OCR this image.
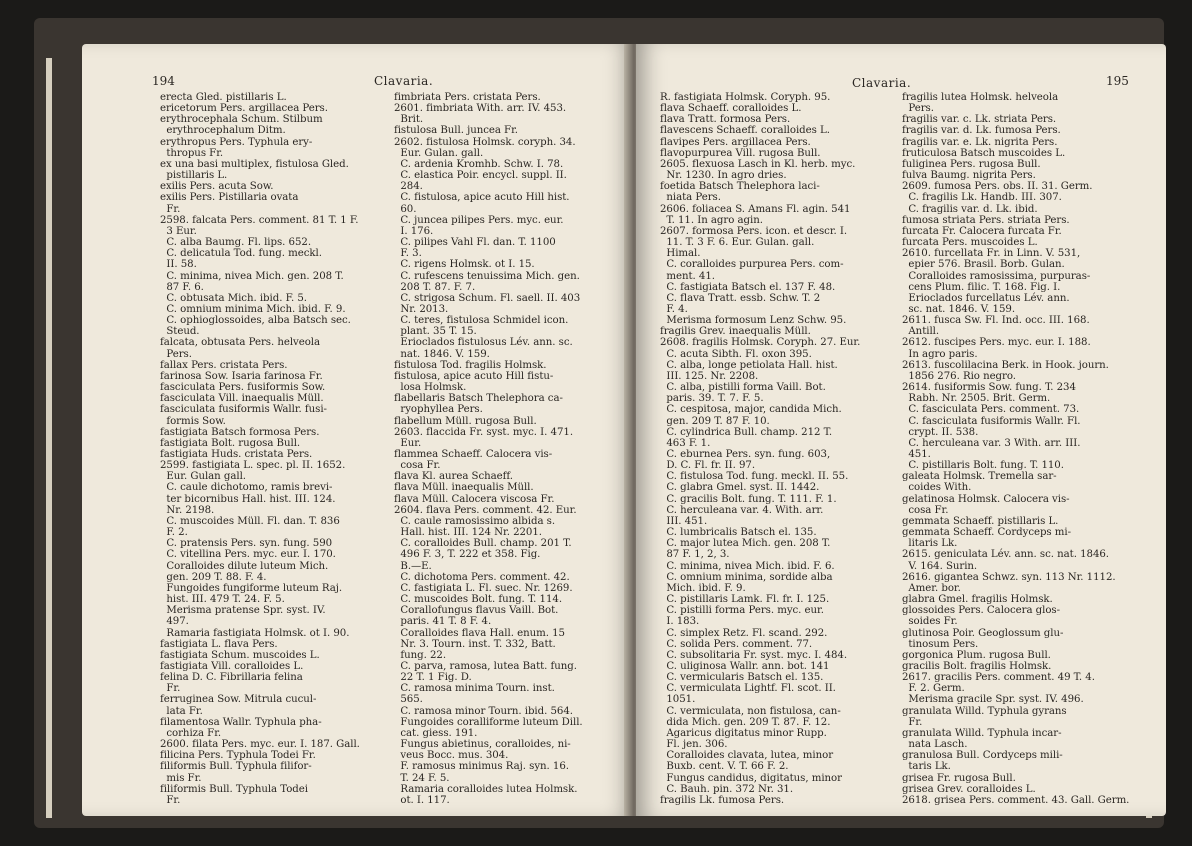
194	Clavaria.
erecta Gled. pistillaris L.
ericetorum Pers. argillacea Pers.
erythrocephala Schum. Stilbum
erythrocephalum Ditm.
erythropus Pers. Typhula ery-
thropus Fr.
ex una basi multiplex, fistulosa Gled.
pistillaris L.
exilis Pers. acuta Sow.
exilis Pers. Pistillaria ovata
Fr.
2598. falcata Pers. comment. 81 T. 1 F.
3 Eur.
C. alba Baumg. Fl. lips. 652.
C. delicatula Tod. fung. meckl.
II. 58.
C. minima, nivea Mich. gen. 208 T.
87 F. 6.
C. obtusata Mich. ibid. F. 5.
C. omnium minima Mich. ibid. F. 9.
C. ophioglossoides, alba Batsch sec.
Steud.
falcata, obtusata Pers. helveola
Pers.
fallax Pers. cristata Pers.
farinosa Sow. Isaria farinosa Fr.
fasciculata Pers. fusiformis Sow.
fasciculata Vill. inaequalis Müll.
fasciculata fusiformis Wallr. fusi-
formis Sow.
fastigiata Batsch formosa Pers.
fastigiata Bolt. rugosa Bull.
fastigiata Huds. cristata Pers.
2599. fastigiata L. spec. pl. II. 1652.
Eur. Gulan gall.
C. caule dichotomo, ramis brevi-
ter bicornibus Hall. hist. III. 124.
Nr. 2198.
C. muscoides Müll. Fl. dan. T. 836
F. 2.
C. pratensis Pers. syn. fung. 590
C. vitellina Pers. myc. eur. I. 170.
Coralloides dilute luteum Mich.
gen. 209 T. 88. F. 4.
Fungoides fungiforme luteum Raj.
hist. III. 479 T. 24. F. 5.
Merisma pratense Spr. syst. IV.
497.
Ramaria fastigiata Holmsk. ot I. 90.
fastigiata L. flava Pers.
fastigiata Schum. muscoides L.
fastigiata Vill. coralloides L.
felina D. C. Fibrillaria felina
Fr.
ferruginea Sow. Mitrula cucul-
lata Fr.
filamentosa Wallr. Typhula pha-
corhiza Fr.
2600. filata Pers. myc. eur. I. 187. Gall.
filicina Pers. Typhula Todei Fr.
filiformis Bull. Typhula filifor-
mis Fr.
filiformis Bull. Typhula Todei
Fr.
fimbriata Pers. cristata Pers.
2601. fimbriata With. arr. IV. 453.
Brit.
fistulosa Bull. juncea Fr.
2602. fistulosa Holmsk. coryph. 34.
Eur. Gulan. gall.
C. ardenia Kromhb. Schw. I. 78.
C. elastica Poir. encycl. suppl. II.
284.
C. fistulosa, apice acuto Hill hist.
60.
C. juncea pilipes Pers. myc. eur.
I. 176.
C. pilipes Vahl Fl. dan. T. 1100
F. 3.
C. rigens Holmsk. ot I. 15.
C. rufescens tenuissima Mich. gen.
208 T. 87. F. 7.
C. strigosa Schum. Fl. saell. II. 403
Nr. 2013.
C. teres, fistulosa Schmidel icon.
plant. 35 T. 15.
Erioclados fistulosus Lév. ann. sc.
nat. 1846. V. 159.
fistulosa Tod. fragilis Holmsk.
fistulosa, apice acuto Hill fistu-
losa Holmsk.
flabellaris Batsch Thelephora ca-
ryophyllea Pers.
flabellum Müll. rugosa Bull.
2603. flaccida Fr. syst. myc. I. 471.
Eur.
flammea Schaeff. Calocera vis-
cosa Fr.
flava Kl. aurea Schaeff.
flava Müll. inaequalis Müll.
flava Müll. Calocera viscosa Fr.
2604. flava Pers. comment. 42. Eur.
C. caule ramosissimo albida s.
Hall. hist. III. 124 Nr. 2201.
C. coralloides Bull. champ. 201 T.
496 F. 3, T. 222 et 358. Fig.
B.—E.
C. dichotoma Pers. comment. 42.
C. fastigiata L. Fl. suec. Nr. 1269.
C. muscoides Bolt. fung. T. 114.
Corallofungus flavus Vaill. Bot.
paris. 41 T. 8 F. 4.
Coralloides flava Hall. enum. 15
Nr. 3. Tourn. inst. T. 332, Batt.
fung. 22.
C. parva, ramosa, lutea Batt. fung.
22 T. 1 Fig. D.
C. ramosa minima Tourn. inst.
565.
C. ramosa minor Tourn. ibid. 564.
Fungoides coralliforme luteum Dill.
cat. giess. 191.
Fungus abietinus, coralloides, ni-
veus Bocc. mus. 304.
F. ramosus minimus Raj. syn. 16.
T. 24 F. 5.
Ramaria coralloides lutea Holmsk.
ot. I. 117.
Clavaria.	195
R. fastigiata Holmsk. Coryph. 95.
flava Schaeff. coralloides L.
flava Tratt. formosa Pers.
flavescens Schaeff. coralloides L.
flavipes Pers. argillacea Pers.
flavopurpurea Vill. rugosa Bull.
2605. flexuosa Lasch in Kl. herb. myc.
Nr. 1230. In agro dries.
foetida Batsch Thelephora laci-
niata Pers.
2606. foliacea S. Amans Fl. agin. 541
T. 11. In agro agin.
2607. formosa Pers. icon. et descr. I.
11. T. 3 F. 6. Eur. Gulan. gall.
Himal.
C. coralloides purpurea Pers. com-
ment. 41.
C. fastigiata Batsch el. 137 F. 48.
C. flava Tratt. essb. Schw. T. 2
F. 4.
Merisma formosum Lenz Schw. 95.
fragilis Grev. inaequalis Müll.
2608. fragilis Holmsk. Coryph. 27. Eur.
C. acuta Sibth. Fl. oxon 395.
C. alba, longe petiolata Hall. hist.
III. 125. Nr. 2208.
C. alba, pistilli forma Vaill. Bot.
paris. 39. T. 7. F. 5.
C. cespitosa, major, candida Mich.
gen. 209 T. 87 F. 10.
C. cylindrica Bull. champ. 212 T.
463 F. 1.
C. eburnea Pers. syn. fung. 603,
D. C. Fl. fr. II. 97.
C. fistulosa Tod. fung. meckl. II. 55.
C. glabra Gmel. syst. II. 1442.
C. gracilis Bolt. fung. T. 111. F. 1.
C. herculeana var. 4. With. arr.
III. 451.
C. lumbricalis Batsch el. 135.
C. major lutea Mich. gen. 208 T.
87 F. 1, 2, 3.
C. minima, nivea Mich. ibid. F. 6.
C. omnium minima, sordide alba
Mich. ibid. F. 9.
C. pistillaris Lamk. Fl. fr. I. 125.
C. pistilli forma Pers. myc. eur.
I. 183.
C. simplex Retz. Fl. scand. 292.
C. solida Pers. comment. 77.
C. subsolitaria Fr. syst. myc. I. 484.
C. uliginosa Wallr. ann. bot. 141
C. vermicularis Batsch el. 135.
C. vermiculata Lightf. Fl. scot. II.
1051.
C. vermiculata, non fistulosa, can-
dida Mich. gen. 209 T. 87. F. 12.
Agaricus digitatus minor Rupp.
Fl. jen. 306.
Coralloides clavata, lutea, minor
Buxb. cent. V. T. 66 F. 2.
Fungus candidus, digitatus, minor
C. Bauh. pin. 372 Nr. 31.
fragilis Lk. fumosa Pers.
fragilis lutea Holmsk. helveola
Pers.
fragilis var. c. Lk. striata Pers.
fragilis var. d. Lk. fumosa Pers.
fragilis var. e. Lk. nigrita Pers.
fruticulosa Batsch muscoides L.
fuliginea Pers. rugosa Bull.
fulva Baumg. nigrita Pers.
2609. fumosa Pers. obs. II. 31. Germ.
C. fragilis Lk. Handb. III. 307.
C. fragilis var. d. Lk. ibid.
fumosa striata Pers. striata Pers.
furcata Fr. Calocera furcata Fr.
furcata Pers. muscoides L.
2610. furcellata Fr. in Linn. V. 531,
epier 576. Brasil. Borb. Gulan.
Coralloides ramosissima, purpuras-
cens Plum. filic. T. 168. Fig. I.
Erioclados furcellatus Lév. ann.
sc. nat. 1846. V. 159.
2611. fusca Sw. Fl. Ind. occ. III. 168.
Antill.
2612. fuscipes Pers. myc. eur. I. 188.
In agro paris.
2613. fuscolilacina Berk. in Hook. journ.
1856 276. Rio negro.
2614. fusiformis Sow. fung. T. 234
Rabh. Nr. 2505. Brit. Germ.
C. fasciculata Pers. comment. 73.
C. fasciculata fusiformis Wallr. Fl.
crypt. II. 538.
C. herculeana var. 3 With. arr. III.
451.
C. pistillaris Bolt. fung. T. 110.
galeata Holmsk. Tremella sar-
coides With.
gelatinosa Holmsk. Calocera vis-
cosa Fr.
gemmata Schaeff. pistillaris L.
gemmata Schaeff. Cordyceps mi-
litaris Lk.
2615. geniculata Lév. ann. sc. nat. 1846.
V. 164. Surin.
2616. gigantea Schwz. syn. 113 Nr. 1112.
Amer. bor.
glabra Gmel. fragilis Holmsk.
glossoides Pers. Calocera glos-
soides Fr.
glutinosa Poir. Geoglossum glu-
tinosum Pers.
gorgonica Plum. rugosa Bull.
gracilis Bolt. fragilis Holmsk.
2617. gracilis Pers. comment. 49 T. 4.
F. 2. Germ.
Merisma gracile Spr. syst. IV. 496.
granulata Willd. Typhula gyrans
Fr.
granulata Willd. Typhula incar-
nata Lasch.
granulosa Bull. Cordyceps mili-
taris Lk.
grisea Fr. rugosa Bull.
grisea Grev. coralloides L.
2618. grisea Pers. comment. 43. Gall. Germ.
